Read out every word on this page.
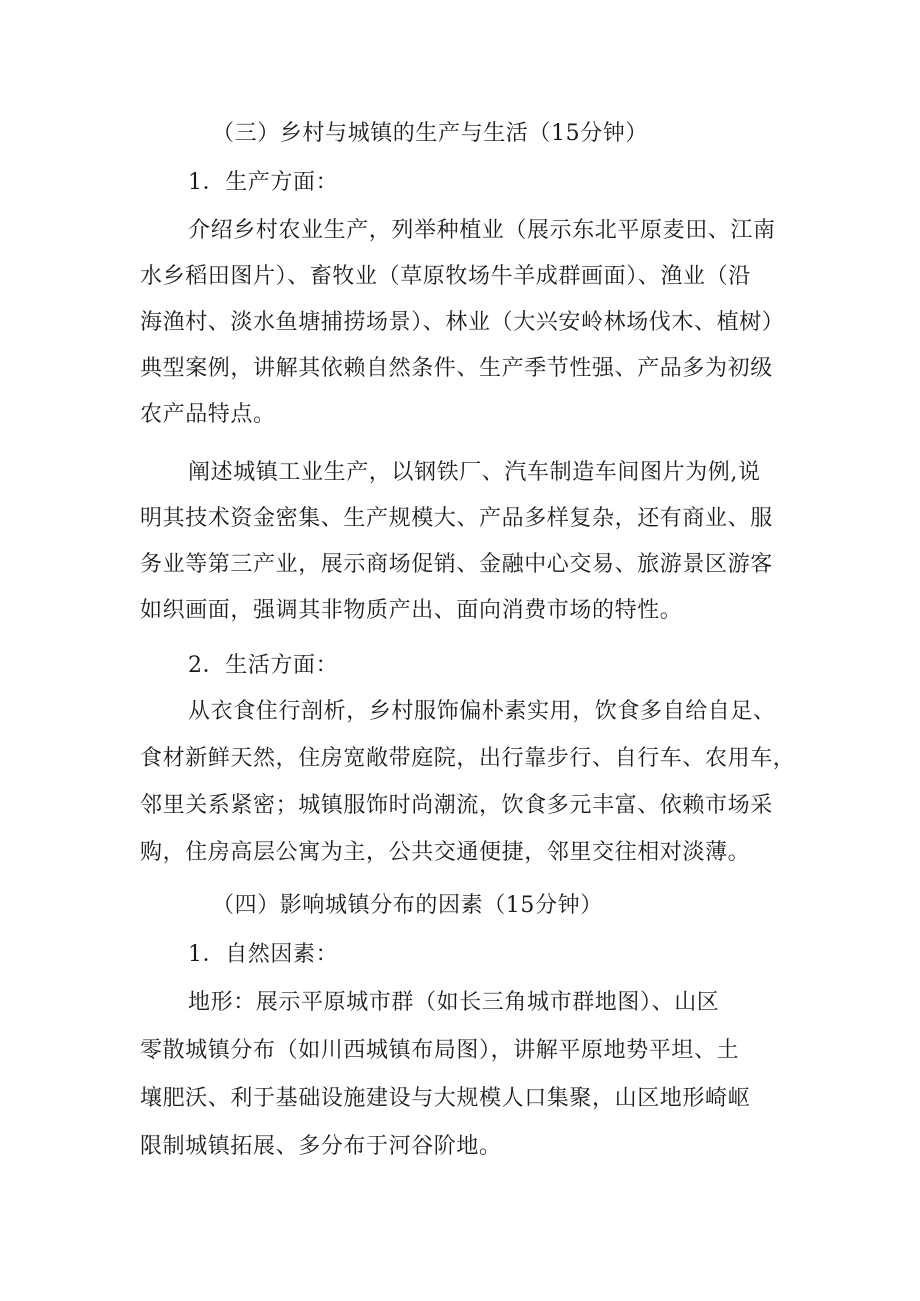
（三）乡村与城镇的生产与生活（15分钟）
1．生产方面：
介绍乡村农业生产，列举种植业（展示东北平原麦田、江南
水乡稻田图片）、畜牧业（草原牧场牛羊成群画面）、渔业（沿
海渔村、淡水鱼塘捕捞场景）、林业（大兴安岭林场伐木、植树）
典型案例，讲解其依赖自然条件、生产季节性强、产品多为初级
农产品特点。
阐述城镇工业生产，以钢铁厂、汽车制造车间图片为例,说
明其技术资金密集、生产规模大、产品多样复杂，还有商业、服
务业等第三产业，展示商场促销、金融中心交易、旅游景区游客
如织画面，强调其非物质产出、面向消费市场的特性。
2．生活方面：
从衣食住行剖析，乡村服饰偏朴素实用，饮食多自给自足、
食材新鲜天然，住房宽敞带庭院，出行靠步行、自行车、农用车，
邻里关系紧密；城镇服饰时尚潮流，饮食多元丰富、依赖市场采
购，住房高层公寓为主，公共交通便捷，邻里交往相对淡薄。
（四）影响城镇分布的因素（15分钟）
1．自然因素：
地形：展示平原城市群（如长三角城市群地图）、山区
零散城镇分布（如川西城镇布局图），讲解平原地势平坦、土
壤肥沃、利于基础设施建设与大规模人口集聚，山区地形崎岖
限制城镇拓展、多分布于河谷阶地。
